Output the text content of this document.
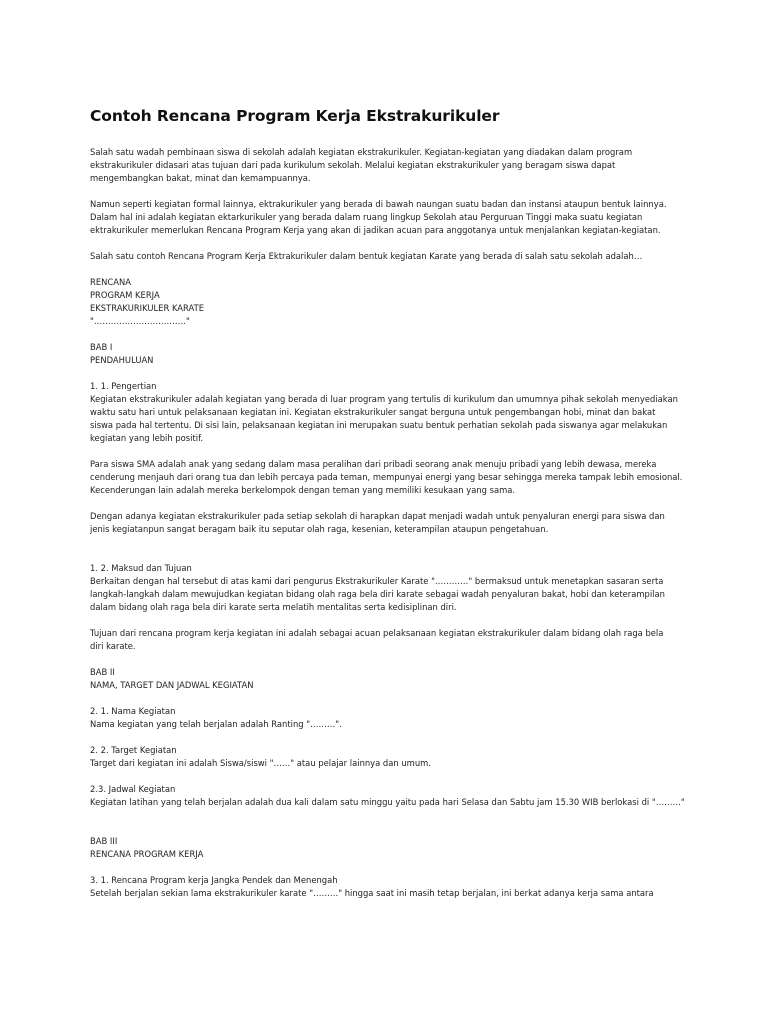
Contoh Rencana Program Kerja Ekstrakurikuler

Salah satu wadah pembinaan siswa di sekolah adalah kegiatan ekstrakurikuler. Kegiatan-kegiatan yang diadakan dalam program
ekstrakurikuler didasari atas tujuan dari pada kurikulum sekolah. Melalui kegiatan ekstrakurikuler yang beragam siswa dapat
mengembangkan bakat, minat dan kemampuannya.

Namun seperti kegiatan formal lainnya, ektrakurikuler yang berada di bawah naungan suatu badan dan instansi ataupun bentuk lainnya.
Dalam hal ini adalah kegiatan ektarkurikuler yang berada dalam ruang lingkup Sekolah atau Perguruan Tinggi maka suatu kegiatan
ektrakurikuler memerlukan Rencana Program Kerja yang akan di jadikan acuan para anggotanya untuk menjalankan kegiatan-kegiatan.

Salah satu contoh Rencana Program Kerja Ektrakurikuler dalam bentuk kegiatan Karate yang berada di salah satu sekolah adalah…

RENCANA
PROGRAM KERJA
EKSTRAKURIKULER KARATE
"……………………………"

BAB I
PENDAHULUAN

1. 1. Pengertian
Kegiatan ekstrakurikuler adalah kegiatan yang berada di luar program yang tertulis di kurikulum dan umumnya pihak sekolah menyediakan
waktu satu hari untuk pelaksanaan kegiatan ini. Kegiatan ekstrakurikuler sangat berguna untuk pengembangan hobi, minat dan bakat
siswa pada hal tertentu. Di sisi lain, pelaksanaan kegiatan ini merupakan suatu bentuk perhatian sekolah pada siswanya agar melakukan
kegiatan yang lebih positif.

Para siswa SMA adalah anak yang sedang dalam masa peralihan dari pribadi seorang anak menuju pribadi yang lebih dewasa, mereka
cenderung menjauh dari orang tua dan lebih percaya pada teman, mempunyai energi yang besar sehingga mereka tampak lebih emosional.
Kecenderungan lain adalah mereka berkelompok dengan teman yang memiliki kesukaan yang sama.

Dengan adanya kegiatan ekstrakurikuler pada setiap sekolah di harapkan dapat menjadi wadah untuk penyaluran energi para siswa dan
jenis kegiatanpun sangat beragam baik itu seputar olah raga, kesenian, keterampilan ataupun pengetahuan.

1. 2. Maksud dan Tujuan
Berkaitan dengan hal tersebut di atas kami dari pengurus Ekstrakurikuler Karate "…………" bermaksud untuk menetapkan sasaran serta
langkah-langkah dalam mewujudkan kegiatan bidang olah raga bela diri karate sebagai wadah penyaluran bakat, hobi dan keterampilan
dalam bidang olah raga bela diri karate serta melatih mentalitas serta kedisiplinan diri.

Tujuan dari rencana program kerja kegiatan ini adalah sebagai acuan pelaksanaan kegiatan ekstrakurikuler dalam bidang olah raga bela
diri karate.

BAB II
NAMA, TARGET DAN JADWAL KEGIATAN

2. 1. Nama Kegiatan
Nama kegiatan yang telah berjalan adalah Ranting "………".

2. 2. Target Kegiatan
Target dari kegiatan ini adalah Siswa/siswi "……" atau pelajar lainnya dan umum.

2.3. Jadwal Kegiatan
Kegiatan latihan yang telah berjalan adalah dua kali dalam satu minggu yaitu pada hari Selasa dan Sabtu jam 15.30 WIB berlokasi di "………"

BAB III
RENCANA PROGRAM KERJA

3. 1. Rencana Program kerja Jangka Pendek dan Menengah
Setelah berjalan sekian lama ekstrakurikuler karate "………" hingga saat ini masih tetap berjalan, ini berkat adanya kerja sama antara
